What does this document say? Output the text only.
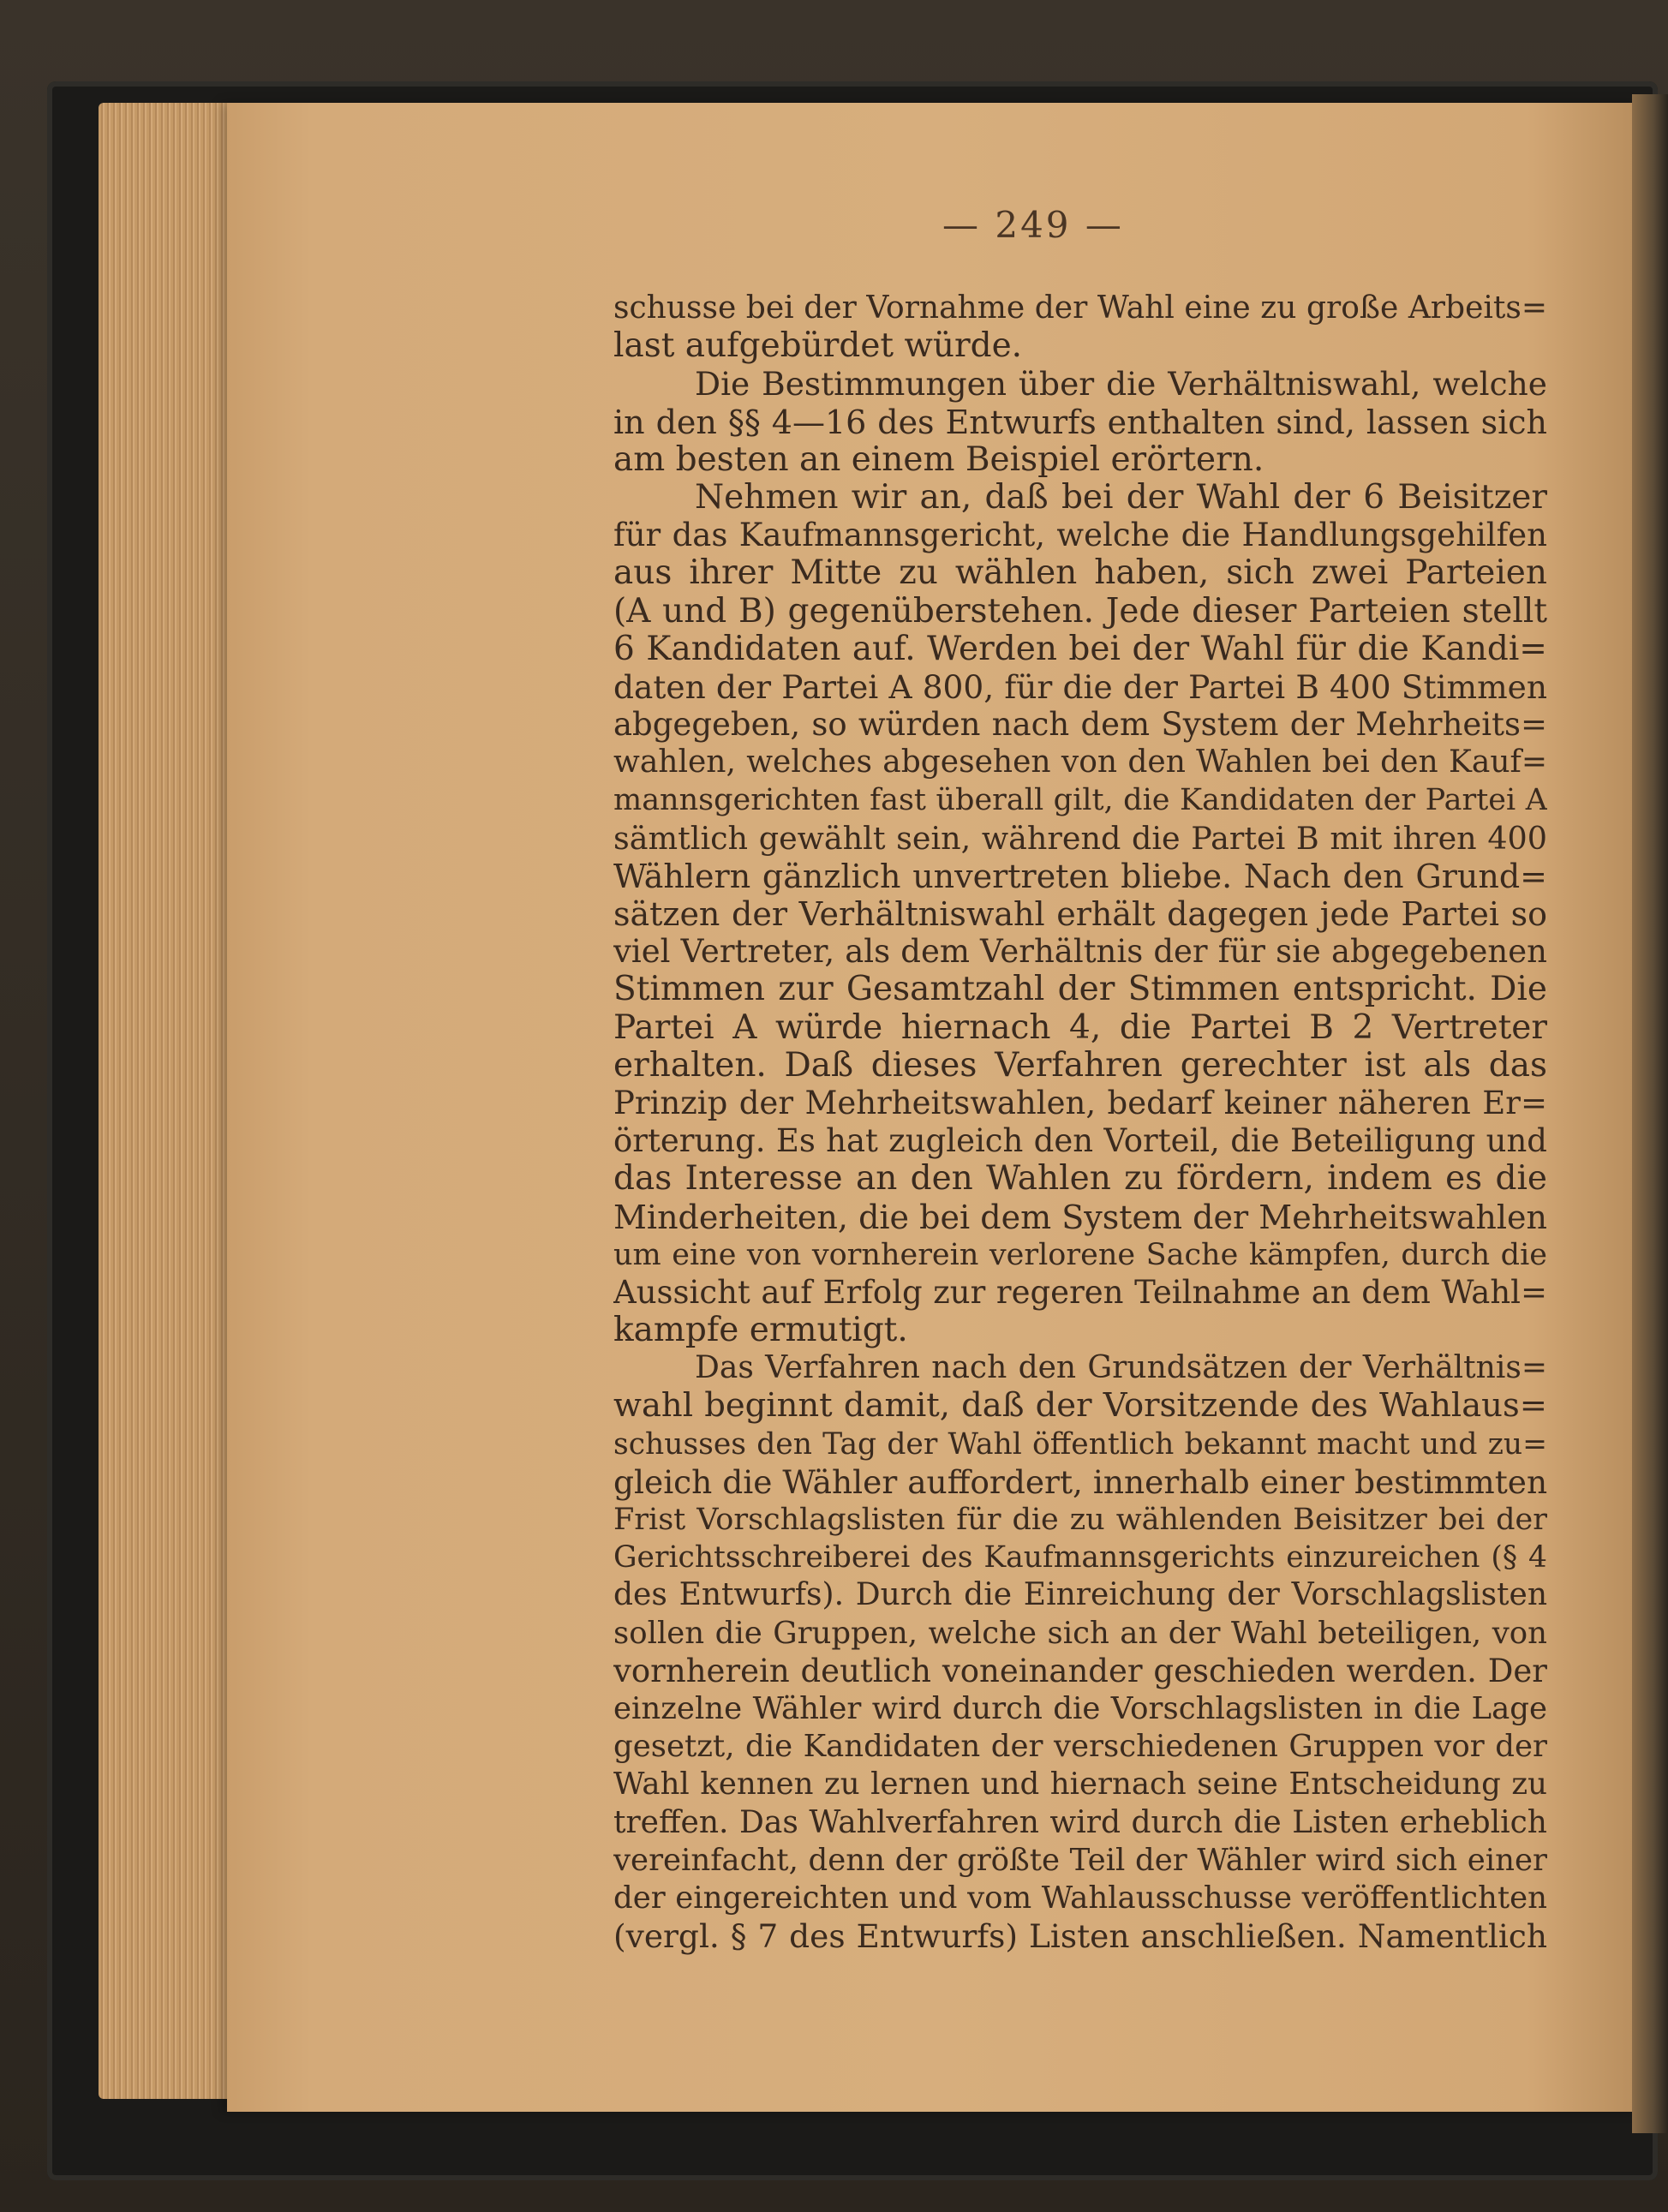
— 249 —
schusse bei der Vornahme der Wahl eine zu große Arbeits=
last aufgebürdet würde.
Die Bestimmungen über die Verhältniswahl, welche
in den §§ 4—16 des Entwurfs enthalten sind, lassen sich
am besten an einem Beispiel erörtern.
Nehmen wir an, daß bei der Wahl der 6 Beisitzer
für das Kaufmannsgericht, welche die Handlungsgehilfen
aus ihrer Mitte zu wählen haben, sich zwei Parteien
(A und B) gegenüberstehen. Jede dieser Parteien stellt
6 Kandidaten auf. Werden bei der Wahl für die Kandi=
daten der Partei A 800, für die der Partei B 400 Stimmen
abgegeben, so würden nach dem System der Mehrheits=
wahlen, welches abgesehen von den Wahlen bei den Kauf=
mannsgerichten fast überall gilt, die Kandidaten der Partei A
sämtlich gewählt sein, während die Partei B mit ihren 400
Wählern gänzlich unvertreten bliebe. Nach den Grund=
sätzen der Verhältniswahl erhält dagegen jede Partei so
viel Vertreter, als dem Verhältnis der für sie abgegebenen
Stimmen zur Gesamtzahl der Stimmen entspricht. Die
Partei A würde hiernach 4, die Partei B 2 Vertreter
erhalten. Daß dieses Verfahren gerechter ist als das
Prinzip der Mehrheitswahlen, bedarf keiner näheren Er=
örterung. Es hat zugleich den Vorteil, die Beteiligung und
das Interesse an den Wahlen zu fördern, indem es die
Minderheiten, die bei dem System der Mehrheitswahlen
um eine von vornherein verlorene Sache kämpfen, durch die
Aussicht auf Erfolg zur regeren Teilnahme an dem Wahl=
kampfe ermutigt.
Das Verfahren nach den Grundsätzen der Verhältnis=
wahl beginnt damit, daß der Vorsitzende des Wahlaus=
schusses den Tag der Wahl öffentlich bekannt macht und zu=
gleich die Wähler auffordert, innerhalb einer bestimmten
Frist Vorschlagslisten für die zu wählenden Beisitzer bei der
Gerichtsschreiberei des Kaufmannsgerichts einzureichen (§ 4
des Entwurfs). Durch die Einreichung der Vorschlagslisten
sollen die Gruppen, welche sich an der Wahl beteiligen, von
vornherein deutlich voneinander geschieden werden. Der
einzelne Wähler wird durch die Vorschlagslisten in die Lage
gesetzt, die Kandidaten der verschiedenen Gruppen vor der
Wahl kennen zu lernen und hiernach seine Entscheidung zu
treffen. Das Wahlverfahren wird durch die Listen erheblich
vereinfacht, denn der größte Teil der Wähler wird sich einer
der eingereichten und vom Wahlausschusse veröffentlichten
(vergl. § 7 des Entwurfs) Listen anschließen. Namentlich
